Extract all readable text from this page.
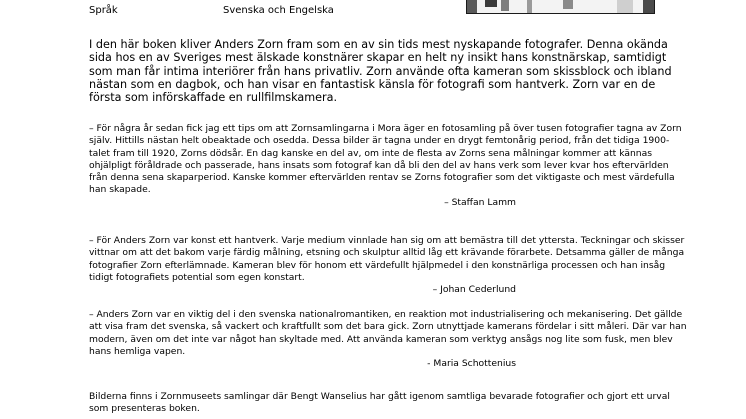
Språk	Svenska och Engelska

I den här boken kliver Anders Zorn fram som en av sin tids mest nyskapande fotografer. Denna okända sida hos en av Sveriges mest älskade konstnärer skapar en helt ny insikt hans konstnärskap, samtidigt som man får intima interiörer från hans privatliv. Zorn använde ofta kameran som skissblock och ibland nästan som en dagbok, och han visar en fantastisk känsla för fotografi som hantverk. Zorn var en de första som införskaffade en rullfilmskamera.

– För några år sedan fick jag ett tips om att Zornsamlingarna i Mora äger en fotosamling på över tusen fotografier tagna av Zorn själv. Hittills nästan helt obeaktade och osedda. Dessa bilder är tagna under en drygt femtonårig period, från det tidiga 1900-talet fram till 1920, Zorns dödsår. En dag kanske en del av, om inte de flesta av Zorns sena målningar kommer att kännas ohjälpligt föråldrade och passerade, hans insats som fotograf kan då bli den del av hans verk som lever kvar hos eftervärlden från denna sena skaparperiod. Kanske kommer eftervärlden rentav se Zorns fotografier som det viktigaste och mest värdefulla han skapade.

– Staffan Lamm

– För Anders Zorn var konst ett hantverk. Varje medium vinnlade han sig om att bemästra till det yttersta. Teckningar och skisser vittnar om att det bakom varje färdig målning, etsning och skulptur alltid låg ett krävande förarbete. Detsamma gäller de många fotografier Zorn efterlämnade. Kameran blev för honom ett värdefullt hjälpmedel i den konstnärliga processen och han insåg tidigt fotografiets potential som egen konstart.

– Johan Cederlund

– Anders Zorn var en viktig del i den svenska nationalromantiken, en reaktion mot industrialisering och mekanisering. Det gällde att visa fram det svenska, så vackert och kraftfullt som det bara gick. Zorn utnyttjade kamerans fördelar i sitt måleri. Där var han modern, även om det inte var något han skyltade med. Att använda kameran som verktyg ansågs nog lite som fusk, men blev hans hemliga vapen.

- Maria Schottenius

Bilderna finns i Zornmuseets samlingar där Bengt Wanselius har gått igenom samtliga bevarade fotografier och gjort ett urval som presenteras boken.
